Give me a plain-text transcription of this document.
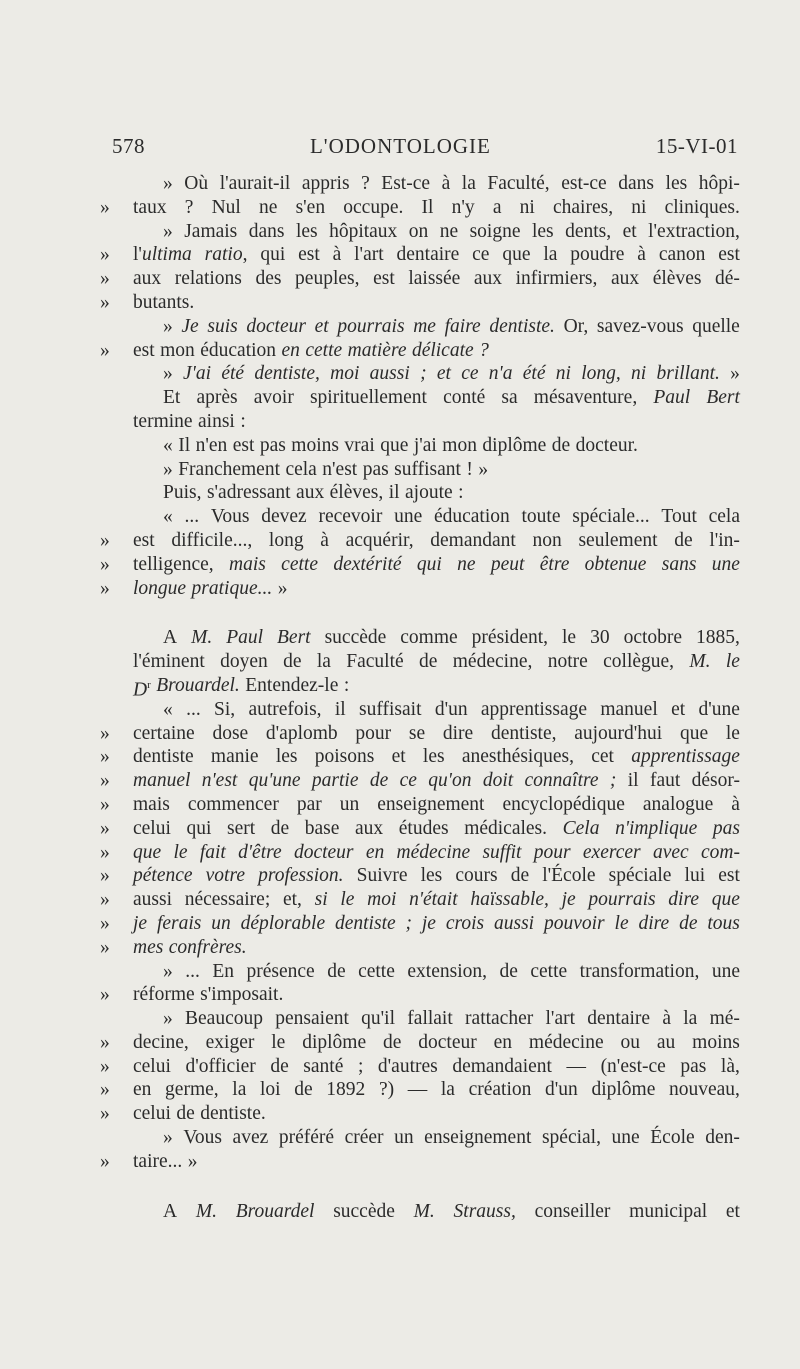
578	L'ODONTOLOGIE	15-VI-01
» Où l'aurait-il appris ? Est-ce à la Faculté, est-ce dans les hôpi-
»	taux ? Nul ne s'en occupe. Il n'y a ni chaires, ni cliniques.
» Jamais dans les hôpitaux on ne soigne les dents, et l'extraction,
»	l'ultima ratio, qui est à l'art dentaire ce que la poudre à canon est
»	aux relations des peuples, est laissée aux infirmiers, aux élèves dé-
»	butants.
» Je suis docteur et pourrais me faire dentiste. Or, savez-vous quelle
»	est mon éducation en cette matière délicate ?
» J'ai été dentiste, moi aussi ; et ce n'a été ni long, ni brillant. »
Et après avoir spirituellement conté sa mésaventure, Paul Bert
termine ainsi :
« Il n'en est pas moins vrai que j'ai mon diplôme de docteur.
» Franchement cela n'est pas suffisant ! »
Puis, s'adressant aux élèves, il ajoute :
« ... Vous devez recevoir une éducation toute spéciale... Tout cela
»	est difficile..., long à acquérir, demandant non seulement de l'in-
»	telligence, mais cette dextérité qui ne peut être obtenue sans une
»	longue pratique... »
A M. Paul Bert succède comme président, le 30 octobre 1885,
l'éminent doyen de la Faculté de médecine, notre collègue, M. le
$D^r$ Brouardel. Entendez-le :
« ... Si, autrefois, il suffisait d'un apprentissage manuel et d'une
»	certaine dose d'aplomb pour se dire dentiste, aujourd'hui que le
»	dentiste manie les poisons et les anesthésiques, cet apprentissage
»	manuel n'est qu'une partie de ce qu'on doit connaître ; il faut désor-
»	mais commencer par un enseignement encyclopédique analogue à
»	celui qui sert de base aux études médicales. Cela n'implique pas
»	que le fait d'être docteur en médecine suffit pour exercer avec com-
»	pétence votre profession. Suivre les cours de l'École spéciale lui est
»	aussi nécessaire; et, si le moi n'était haïssable, je pourrais dire que
»	je ferais un déplorable dentiste ; je crois aussi pouvoir le dire de tous
»	mes confrères.
» ... En présence de cette extension, de cette transformation, une
»	réforme s'imposait.
» Beaucoup pensaient qu'il fallait rattacher l'art dentaire à la mé-
»	decine, exiger le diplôme de docteur en médecine ou au moins
»	celui d'officier de santé ; d'autres demandaient — (n'est-ce pas là,
»	en germe, la loi de 1892 ?) — la création d'un diplôme nouveau,
»	celui de dentiste.
» Vous avez préféré créer un enseignement spécial, une École den-
»	taire... »
A M. Brouardel succède M. Strauss, conseiller municipal et
